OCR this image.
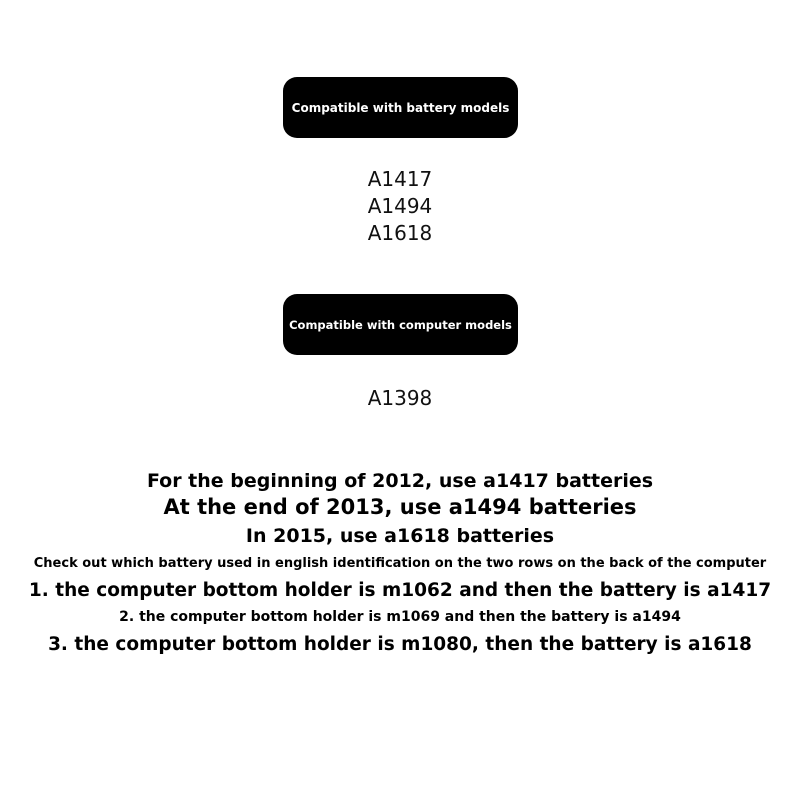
Compatible with battery models
A1417
A1494
A1618
Compatible with computer models
A1398
For the beginning of 2012, use a1417 batteries
At the end of 2013, use a1494 batteries
In 2015, use a1618 batteries
Check out which battery used in english identification on the two rows on the back of the computer
1. the computer bottom holder is m1062 and then the battery is a1417
2. the computer bottom holder is m1069 and then the battery is a1494
3. the computer bottom holder is m1080, then the battery is a1618
